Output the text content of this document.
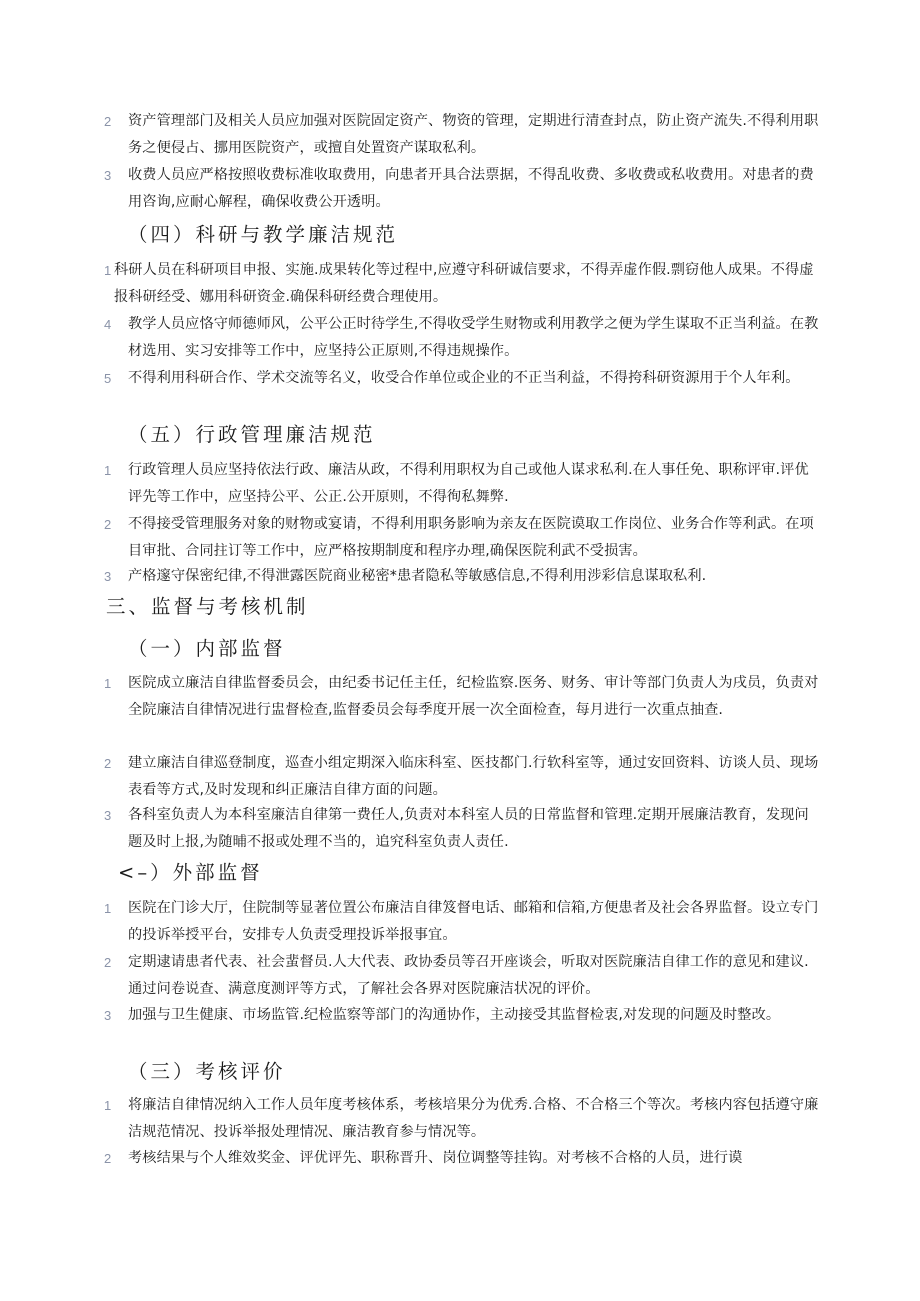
2 资产管理部门及相关人员应加强对医院固定资产、物资的管理，定期进行清查封点，防止资产流失.不得利用职务之便侵占、挪用医院资产，或擅自处置资产谋取私利。
3 收费人员应严格按照收费标准收取费用，向患者开具合法票据，不得乱收费、多收费或私收费用。对患者的费用咨询,应耐心解程，确保收费公开透明。
（四）科研与教学廉洁规范
1 科研人员在科研项目申报、实施.成果转化等过程中,应遵守科研诚信要求，不得弄虚作假.剽窃他人成果。不得虚报科研经受、娜用科研资金.确保科研经费合理使用。
4 教学人员应恪守师德师风，公平公正时待学生,不得收受学生财物或利用教学之便为学生谋取不正当利益。在教材选用、实习安排等工作中，应坚持公正原则,不得违规操作。
5 不得利用科研合作、学术交流等名义，收受合作单位或企业的不正当利益，不得挎科研资源用于个人年利。
（五）行政管理廉洁规范
1 行政管理人员应坚持依法行政、廉洁从政，不得利用职权为自己或他人谋求私利.在人事任免、职称评审.评优评先等工作中，应坚持公平、公正.公开原则，不得徇私舞弊.
2 不得接受管理服务对象的财物或宴请，不得利用职务影响为亲友在医院谟取工作岗位、业务合作等利武。在项目审批、合同拄订等工作中，应严格按期制度和程序办理,确保医院利武不受损害。
3 产格邃守保密纪律,不得泄露医院商业秘密*患者隐私等敏感信息,不得利用涉彩信息谋取私利.
三、监督与考核机制
（一）内部监督
1 医院成立廉洁自律监督委员会，由纪委书记任主任，纪检监察.医务、财务、审计等部门负责人为戌员，负责对全院廉洁自律情况进行盅督检查,监督委员会每季度开展一次全面检查，每月进行一次重点抽查.
2 建立廉洁自律巡登制度，巡查小组定期深入临床科室、医技都门.行软科室等，通过安回资料、访谈人员、现场表看等方式,及时发现和纠正廉洁自律方面的问题。
3 各科室负责人为本科室廉洁自律第一费任人,负责对本科室人员的日常监督和管理.定期开展廉洁教育，发现问题及时上报,为随晡不报或处理不当的，追究科室负责人责任.
<–）外部监督
1 医院在门诊大厅，住院制等显著位置公布廉洁自律笈督电话、邮箱和信箱,方便患者及社会各界监督。设立专门的投诉举授平台，安排专人负责受理投诉举报事宜。
2 定期逮请患者代表、社会蜚督员.人大代表、政协委员等召开座谈会，听取对医院廉洁自律工作的意见和建议.通过问卷说查、满意度测评等方式，了解社会各界对医院廉洁状况的评价。
3 加强与卫生健康、市场监管.纪检监察等部门的沟通协作，主动接受其监督检衷,对发现的问题及时整改。
（三）考核评价
1 将廉洁自律情况纳入工作人员年度考核体系，考核培果分为优秀.合格、不合格三个等次。考核内容包括遵守廉洁规范情况、投诉举报处理情况、廉洁教育参与情况等。
2 考核结果与个人维效奖金、评优评先、职称晋升、岗位调整等挂钩。对考核不合格的人员，进行谟
